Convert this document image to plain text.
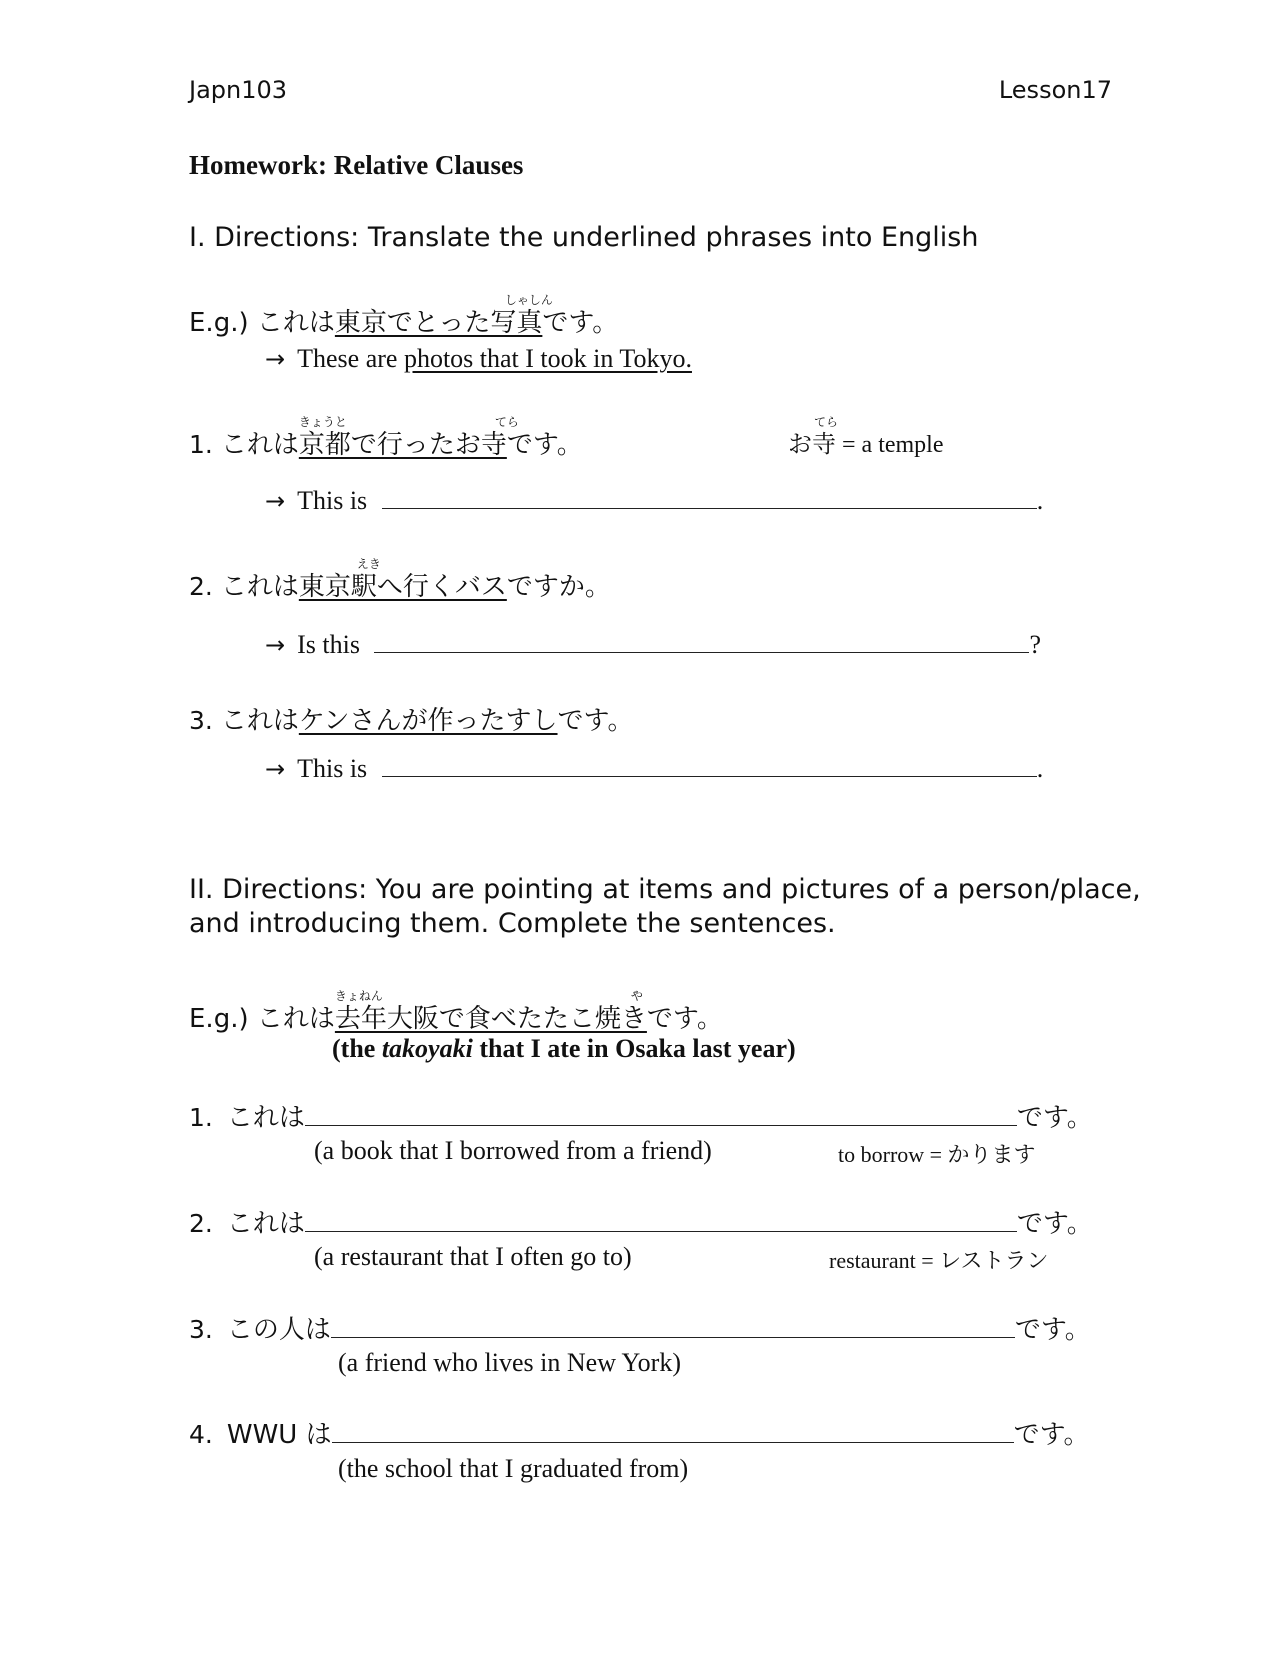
Japn103	Lesson17
Homework: Relative Clauses
I. Directions: Translate the underlined phrases into English
E.g.) これは東京でとった写真
しゃしん
です。
→ These are photos that I took in Tokyo.
1. これは京都で行ったお寺
きょうと	てら
です。	お寺
てら
= a temple
→ This is	.
2. これは東京駅へ行くバス
えき
ですか。
→ Is this	?
3. これはケンさんが作ったすしです。
→ This is	.
II. Directions: You are pointing at items and pictures of a person/place,
and introducing them. Complete the sentences.
E.g.) これは去年大阪で食べたたこ焼き
きょねん	や
です。
(the takoyaki that I ate in Osaka last year)
1. これは	です。
(a book that I borrowed from a friend)	to borrow = かります
2. これは	です。
(a restaurant that I often go to)	restaurant = レストラン
3. この人は	です。
(a friend who lives in New York)
4. WWU は	です。
(the school that I graduated from)
